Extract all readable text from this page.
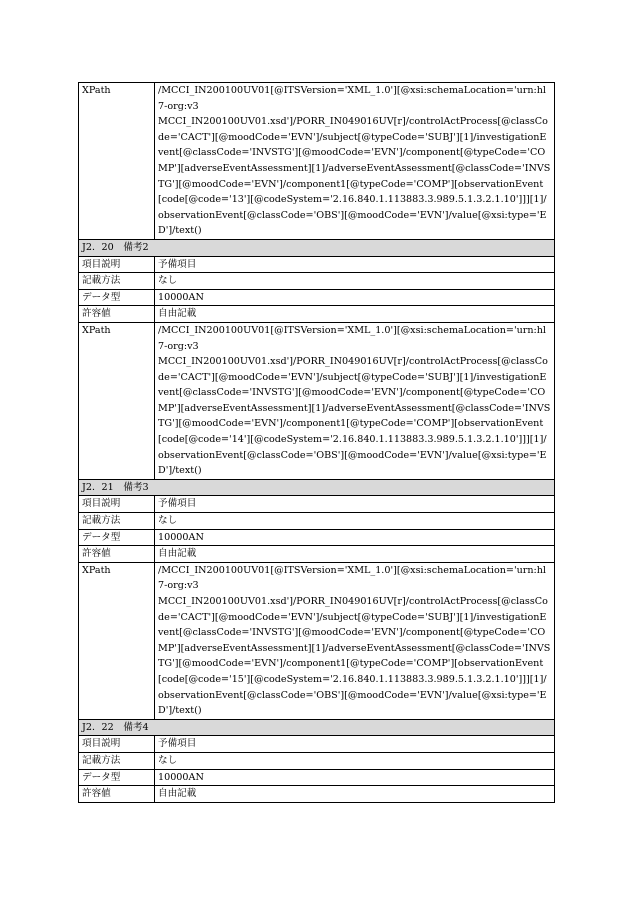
XPath	/MCCI_IN200100UV01[@ITSVersion='XML_1.0'][@xsi:schemaLocation='urn:hl7-org:v3
MCCI_IN200100UV01.xsd']/PORR_IN049016UV[r]/controlActProcess[@classCode='CACT'][@moodCode='EVN']/subject[@typeCode='SUBJ'][1]/investigationEvent[@classCode='INVSTG'][@moodCode='EVN']/component[@typeCode='COMP'][adverseEventAssessment][1]/adverseEventAssessment[@classCode='INVSTG'][@moodCode='EVN']/component1[@typeCode='COMP'][observationEvent[code[@code='13'][@codeSystem='2.16.840.1.113883.3.989.5.1.3.2.1.10']]][1]/observationEvent[@classCode='OBS'][@moodCode='EVN']/value[@xsi:type='ED']/text()
J2．20　備考2	
項目説明	予備項目
記載方法	なし
データ型	10000AN
許容値	自由記載
XPath	/MCCI_IN200100UV01[@ITSVersion='XML_1.0'][@xsi:schemaLocation='urn:hl7-org:v3
MCCI_IN200100UV01.xsd']/PORR_IN049016UV[r]/controlActProcess[@classCode='CACT'][@moodCode='EVN']/subject[@typeCode='SUBJ'][1]/investigationEvent[@classCode='INVSTG'][@moodCode='EVN']/component[@typeCode='COMP'][adverseEventAssessment][1]/adverseEventAssessment[@classCode='INVSTG'][@moodCode='EVN']/component1[@typeCode='COMP'][observationEvent[code[@code='14'][@codeSystem='2.16.840.1.113883.3.989.5.1.3.2.1.10']]][1]/observationEvent[@classCode='OBS'][@moodCode='EVN']/value[@xsi:type='ED']/text()
J2．21　備考3	
項目説明	予備項目
記載方法	なし
データ型	10000AN
許容値	自由記載
XPath	/MCCI_IN200100UV01[@ITSVersion='XML_1.0'][@xsi:schemaLocation='urn:hl7-org:v3
MCCI_IN200100UV01.xsd']/PORR_IN049016UV[r]/controlActProcess[@classCode='CACT'][@moodCode='EVN']/subject[@typeCode='SUBJ'][1]/investigationEvent[@classCode='INVSTG'][@moodCode='EVN']/component[@typeCode='COMP'][adverseEventAssessment][1]/adverseEventAssessment[@classCode='INVSTG'][@moodCode='EVN']/component1[@typeCode='COMP'][observationEvent[code[@code='15'][@codeSystem='2.16.840.1.113883.3.989.5.1.3.2.1.10']]][1]/observationEvent[@classCode='OBS'][@moodCode='EVN']/value[@xsi:type='ED']/text()
J2．22　備考4	
項目説明	予備項目
記載方法	なし
データ型	10000AN
許容値	自由記載
